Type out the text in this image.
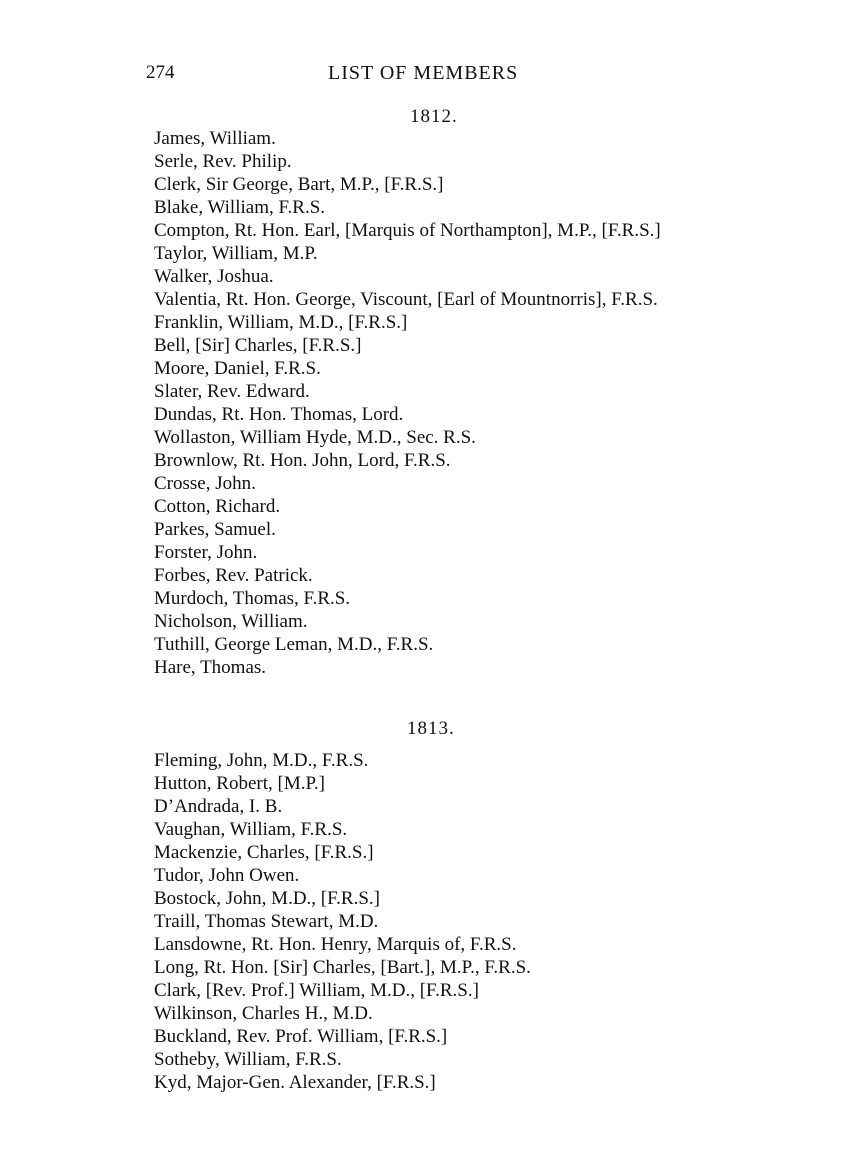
274	LIST OF MEMBERS
1812.
James, William.
Serle, Rev. Philip.
Clerk, Sir George, Bart, M.P., [F.R.S.]
Blake, William, F.R.S.
Compton, Rt. Hon. Earl, [Marquis of Northampton], M.P., [F.R.S.]
Taylor, William, M.P.
Walker, Joshua.
Valentia, Rt. Hon. George, Viscount, [Earl of Mountnorris], F.R.S.
Franklin, William, M.D., [F.R.S.]
Bell, [Sir] Charles, [F.R.S.]
Moore, Daniel, F.R.S.
Slater, Rev. Edward.
Dundas, Rt. Hon. Thomas, Lord.
Wollaston, William Hyde, M.D., Sec. R.S.
Brownlow, Rt. Hon. John, Lord, F.R.S.
Crosse, John.
Cotton, Richard.
Parkes, Samuel.
Forster, John.
Forbes, Rev. Patrick.
Murdoch, Thomas, F.R.S.
Nicholson, William.
Tuthill, George Leman, M.D., F.R.S.
Hare, Thomas.
1813.
Fleming, John, M.D., F.R.S.
Hutton, Robert, [M.P.]
D’Andrada, I. B.
Vaughan, William, F.R.S.
Mackenzie, Charles, [F.R.S.]
Tudor, John Owen.
Bostock, John, M.D., [F.R.S.]
Traill, Thomas Stewart, M.D.
Lansdowne, Rt. Hon. Henry, Marquis of, F.R.S.
Long, Rt. Hon. [Sir] Charles, [Bart.], M.P., F.R.S.
Clark, [Rev. Prof.] William, M.D., [F.R.S.]
Wilkinson, Charles H., M.D.
Buckland, Rev. Prof. William, [F.R.S.]
Sotheby, William, F.R.S.
Kyd, Major-Gen. Alexander, [F.R.S.]
